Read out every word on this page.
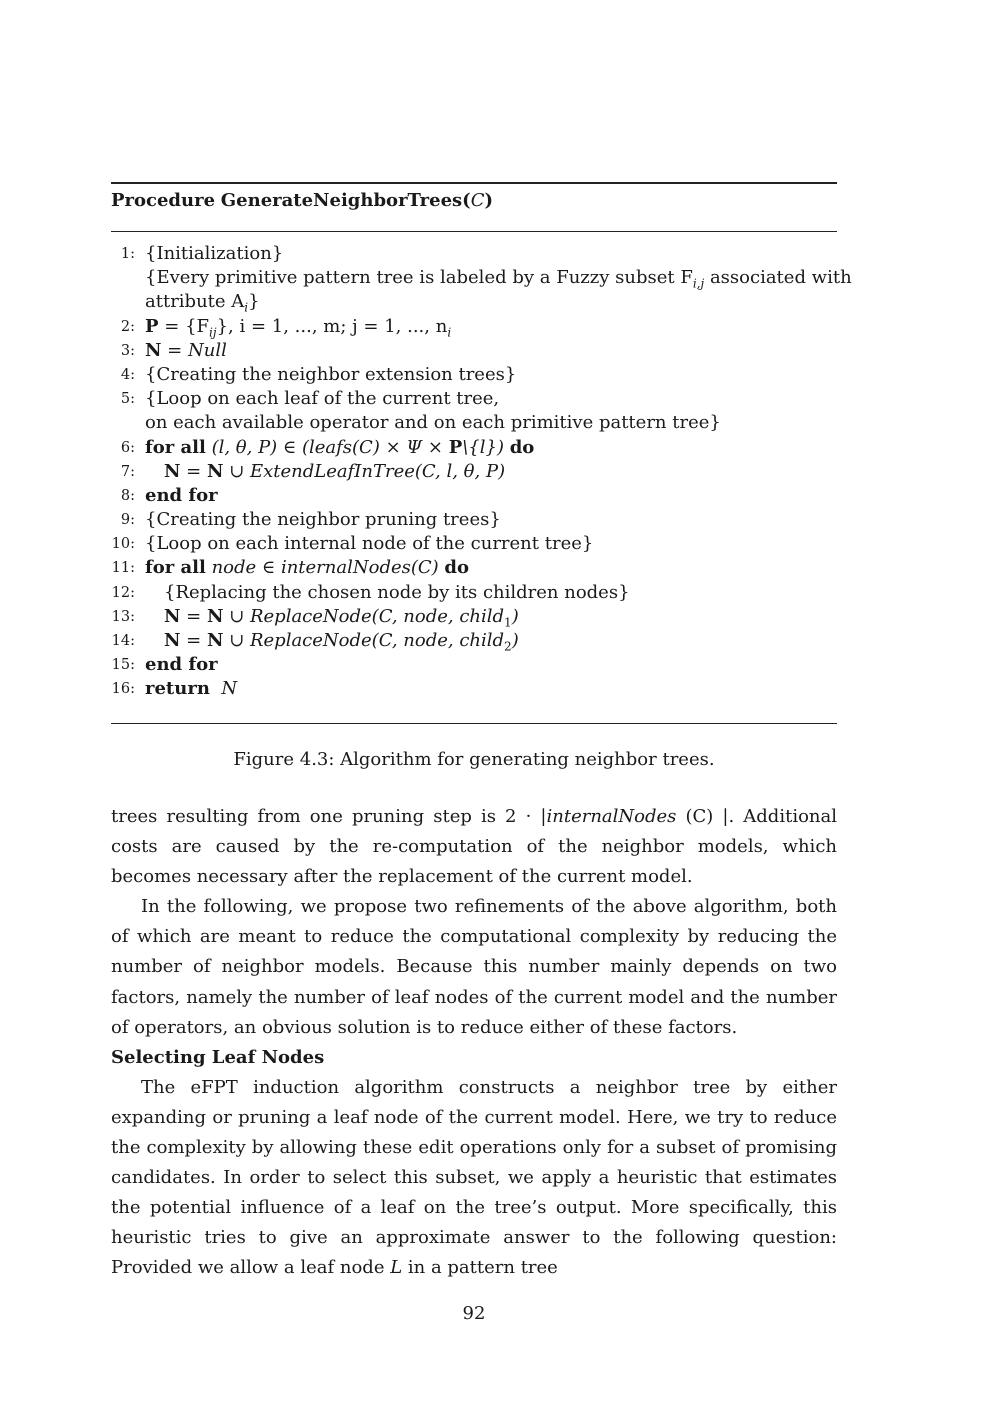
Procedure GenerateNeighborTrees(C)
1: {Initialization}
{Every primitive pattern tree is labeled by a Fuzzy subset $F_{i,j}$ associated with
attribute $A_i$}
2: $P = \{F_{ij}\}$, i = 1, ..., m; j = 1, ..., $n_i$
3: N = Null
4: {Creating the neighbor extension trees}
5: {Loop on each leaf of the current tree,
on each available operator and on each primitive pattern tree}
6: for all (l, θ, P) ∈ (leafs(C) × Ψ × P\{l}) do
7: N = N ∪ ExtendLeafInTree(C, l, θ, P)
8: end for
9: {Creating the neighbor pruning trees}
10: {Loop on each internal node of the current tree}
11: for all node ∈ internalNodes(C) do
12: {Replacing the chosen node by its children nodes}
13: N = N ∪ ReplaceNode(C, node, child$_1$)
14: N = N ∪ ReplaceNode(C, node, child$_2$)
15: end for
16: return N
Figure 4.3: Algorithm for generating neighbor trees.

trees resulting from one pruning step is 2 · |internalNodes (C) |. Additional costs are caused by the re-computation of the neighbor models, which becomes necessary after the replacement of the current model.

In the following, we propose two refinements of the above algorithm, both of which are meant to reduce the computational complexity by reducing the number of neighbor models. Because this number mainly depends on two factors, namely the number of leaf nodes of the current model and the number of operators, an obvious solution is to reduce either of these factors.

Selecting Leaf Nodes

The eFPT induction algorithm constructs a neighbor tree by either expanding or pruning a leaf node of the current model. Here, we try to reduce the complexity by allowing these edit operations only for a subset of promising candidates. In order to select this subset, we apply a heuristic that estimates the potential influence of a leaf on the tree’s output. More specifically, this heuristic tries to give an approximate answer to the following question: Provided we allow a leaf node L in a pattern tree

92
